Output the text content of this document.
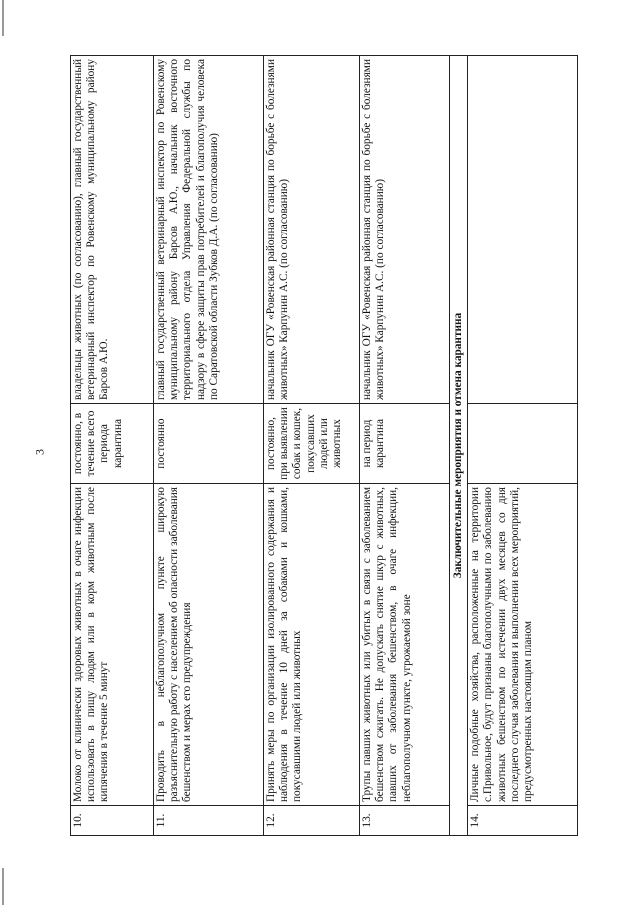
3
10.	Молоко от клинически здоровых животных в очаге инфекции использовать в пищу людям или в корм животным после кипячения в течение 5 минут	постоянно, в течение всего периода карантина	владельцы животных (по согласованию), главный государственный ветеринарный инспектор по Ровенскому муниципальному району Барсов А.Ю.
11.	Проводить в неблагополучном пункте широкую разъяснительную работу с населением об опасности заболевания бешенством и мерах его предупреждения	постоянно	главный государственный ветеринарный инспектор по Ровенскому муниципальному району Барсов А.Ю., начальник восточного территориального отдела Управления Федеральной службы по надзору в сфере защиты прав потребителей и благополучия человека по Саратовской области Зубков Д.А. (по согласованию)
12.	Принять меры по организации изолированного содержания и наблюдения в течение 10 дней за собаками и кошками, покусавшими людей или животных	постоянно, при выявлении собак и кошек, покусавших людей или животных	начальник ОГУ «Ровенская районная станция по борьбе с болезнями животных» Карпунин А.С. (по согласованию)
13.	Трупы павших животных или убитых в связи с заболеванием бешенством сжигать. Не допускать снятие шкур с животных, павших от заболевания бешенством, в очаге инфекции, неблагополучном пункте, угрожаемой зоне	на период карантина	начальник ОГУ «Ровенская районная станция по борьбе с болезнями животных» Карпунин А.С. (по согласованию)
Заключительные мероприятия и отмена карантина			
14.	Личные подобные хозяйства, расположенные на территории с.Привольное, будут признаны благополучными по заболеванию животных бешенством по истечении двух месяцев со дня последнего случая заболевания и выполнении всех мероприятий, предусмотренных настоящим планом		
